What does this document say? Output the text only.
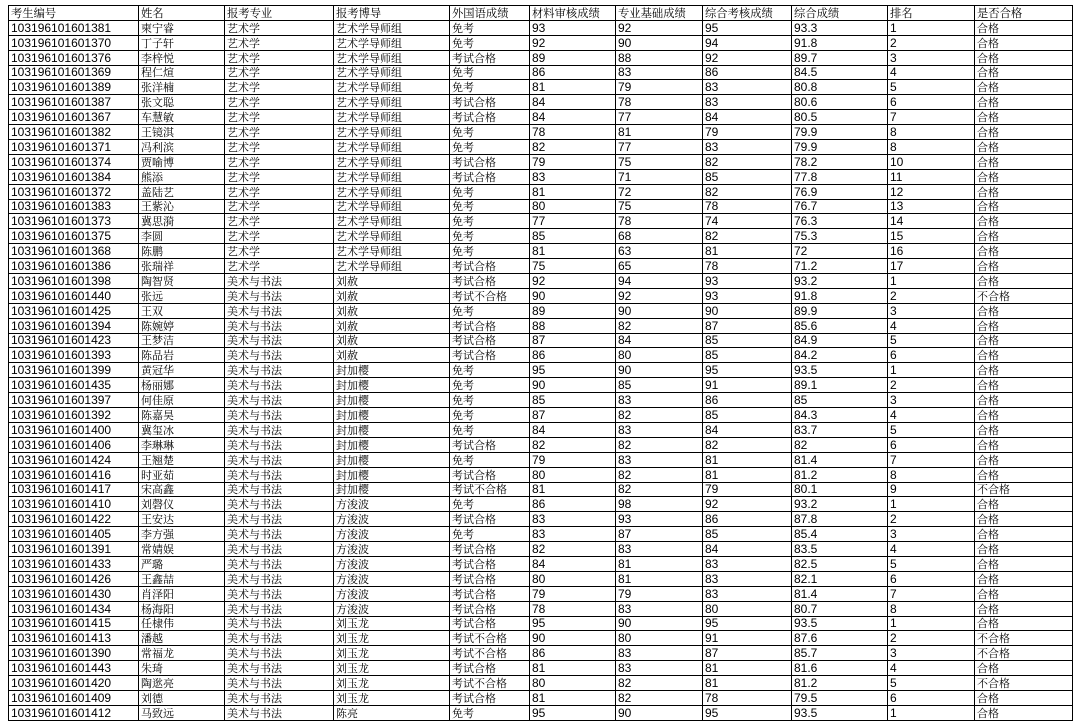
考生编号	姓名	报考专业	报考博导	外国语成绩	材料审核成绩	专业基础成绩	综合考核成绩	综合成绩	排名	是否合格
103196101601381	柬宁睿	艺术学	艺术学导师组	免考	93	92	95	93.3	1	合格
103196101601370	丁子轩	艺术学	艺术学导师组	免考	92	90	94	91.8	2	合格
103196101601376	李梓悦	艺术学	艺术学导师组	考试合格	89	88	92	89.7	3	合格
103196101601369	程仁煊	艺术学	艺术学导师组	免考	86	83	86	84.5	4	合格
103196101601389	张洋楠	艺术学	艺术学导师组	免考	81	79	83	80.8	5	合格
103196101601387	张文聪	艺术学	艺术学导师组	考试合格	84	78	83	80.6	6	合格
103196101601367	车慧敏	艺术学	艺术学导师组	考试合格	84	77	84	80.5	7	合格
103196101601382	王镜淇	艺术学	艺术学导师组	免考	78	81	79	79.9	8	合格
103196101601371	冯利滨	艺术学	艺术学导师组	免考	82	77	83	79.9	8	合格
103196101601374	贾喻博	艺术学	艺术学导师组	考试合格	79	75	82	78.2	10	合格
103196101601384	熊添	艺术学	艺术学导师组	考试合格	83	71	85	77.8	11	合格
103196101601372	盖陆艺	艺术学	艺术学导师组	免考	81	72	82	76.9	12	合格
103196101601383	王紫沁	艺术学	艺术学导师组	免考	80	75	78	76.7	13	合格
103196101601373	冀思漪	艺术学	艺术学导师组	免考	77	78	74	76.3	14	合格
103196101601375	李圆	艺术学	艺术学导师组	免考	85	68	82	75.3	15	合格
103196101601368	陈鹏	艺术学	艺术学导师组	免考	81	63	81	72	16	合格
103196101601386	张瑞祥	艺术学	艺术学导师组	考试合格	75	65	78	71.2	17	合格
103196101601398	陶智贤	美术与书法	刘赦	考试合格	92	94	93	93.2	1	合格
103196101601440	张远	美术与书法	刘赦	考试不合格	90	92	93	91.8	2	不合格
103196101601425	王双	美术与书法	刘赦	免考	89	90	90	89.9	3	合格
103196101601394	陈婉婷	美术与书法	刘赦	考试合格	88	82	87	85.6	4	合格
103196101601423	王梦洁	美术与书法	刘赦	考试合格	87	84	85	84.9	5	合格
103196101601393	陈品岩	美术与书法	刘赦	考试合格	86	80	85	84.2	6	合格
103196101601399	黄冠华	美术与书法	封加樱	免考	95	90	95	93.5	1	合格
103196101601435	杨丽娜	美术与书法	封加樱	免考	90	85	91	89.1	2	合格
103196101601397	何佳原	美术与书法	封加樱	免考	85	83	86	85	3	合格
103196101601392	陈嘉昊	美术与书法	封加樱	免考	87	82	85	84.3	4	合格
103196101601400	冀玺冰	美术与书法	封加樱	免考	84	83	84	83.7	5	合格
103196101601406	李琳琳	美术与书法	封加樱	考试合格	82	82	82	82	6	合格
103196101601424	王翘楚	美术与书法	封加樱	免考	79	83	81	81.4	7	合格
103196101601416	时亚茹	美术与书法	封加樱	考试合格	80	82	81	81.2	8	合格
103196101601417	宋高鑫	美术与书法	封加樱	考试不合格	81	82	79	80.1	9	不合格
103196101601410	刘磬仪	美术与书法	方浚波	免考	86	98	92	93.2	1	合格
103196101601422	王安达	美术与书法	方浚波	考试合格	83	93	86	87.8	2	合格
103196101601405	李方强	美术与书法	方浚波	免考	83	87	85	85.4	3	合格
103196101601391	常婧娱	美术与书法	方浚波	考试合格	82	83	84	83.5	4	合格
103196101601433	严璐	美术与书法	方浚波	考试合格	84	81	83	82.5	5	合格
103196101601426	王鑫喆	美术与书法	方浚波	考试合格	80	81	83	82.1	6	合格
103196101601430	肖泽阳	美术与书法	方浚波	考试合格	79	79	83	81.4	7	合格
103196101601434	杨海阳	美术与书法	方浚波	考试合格	78	83	80	80.7	8	合格
103196101601415	任棣伟	美术与书法	刘玉龙	考试合格	95	90	95	93.5	1	合格
103196101601413	潘越	美术与书法	刘玉龙	考试不合格	90	80	91	87.6	2	不合格
103196101601390	常福龙	美术与书法	刘玉龙	考试不合格	86	83	87	85.7	3	不合格
103196101601443	朱琦	美术与书法	刘玉龙	考试合格	81	83	81	81.6	4	合格
103196101601420	陶逖亮	美术与书法	刘玉龙	考试不合格	80	82	81	81.2	5	不合格
103196101601409	刘德	美术与书法	刘玉龙	考试合格	81	82	78	79.5	6	合格
103196101601412	马致远	美术与书法	陈亮	免考	95	90	95	93.5	1	合格
